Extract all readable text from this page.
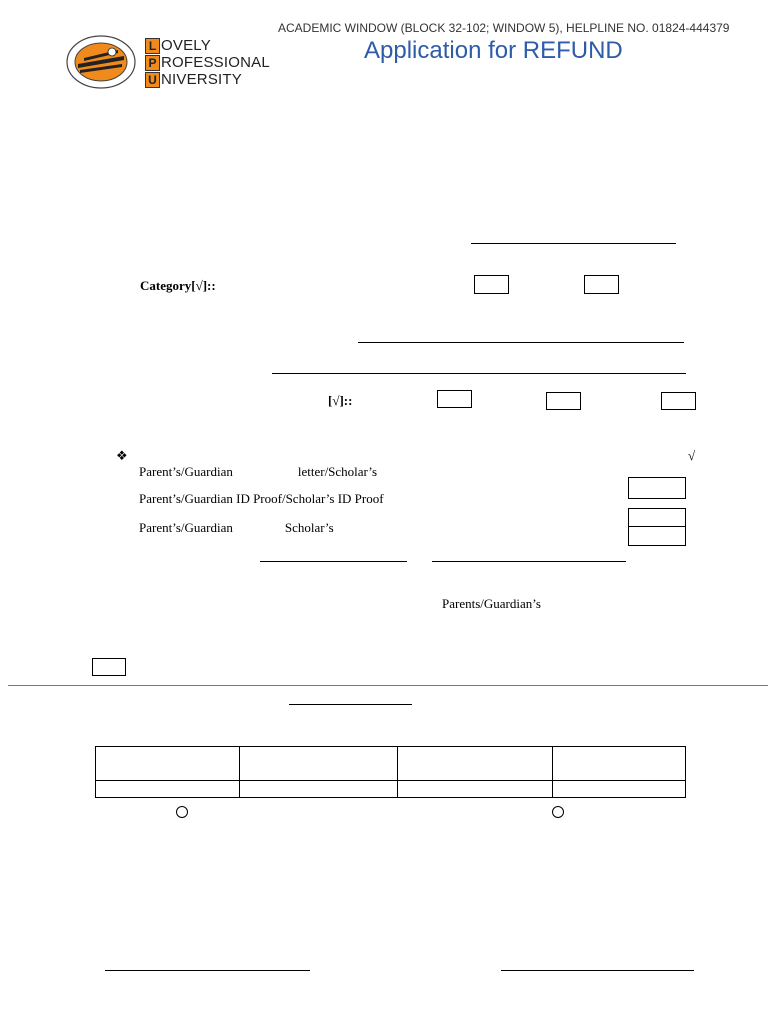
L OVELY
P ROFESSIONAL
U NIVERSITY
ACADEMIC WINDOW (BLOCK 32-102; WINDOW 5), HELPLINE NO. 01824-444379
Application for REFUND
Category[√]::
[√]::
❖	√
Parent’s/Guardian                    letter/Scholar’s
Parent’s/Guardian ID Proof/Scholar’s ID Proof
Parent’s/Guardian                Scholar’s
Parents/Guardian’s
